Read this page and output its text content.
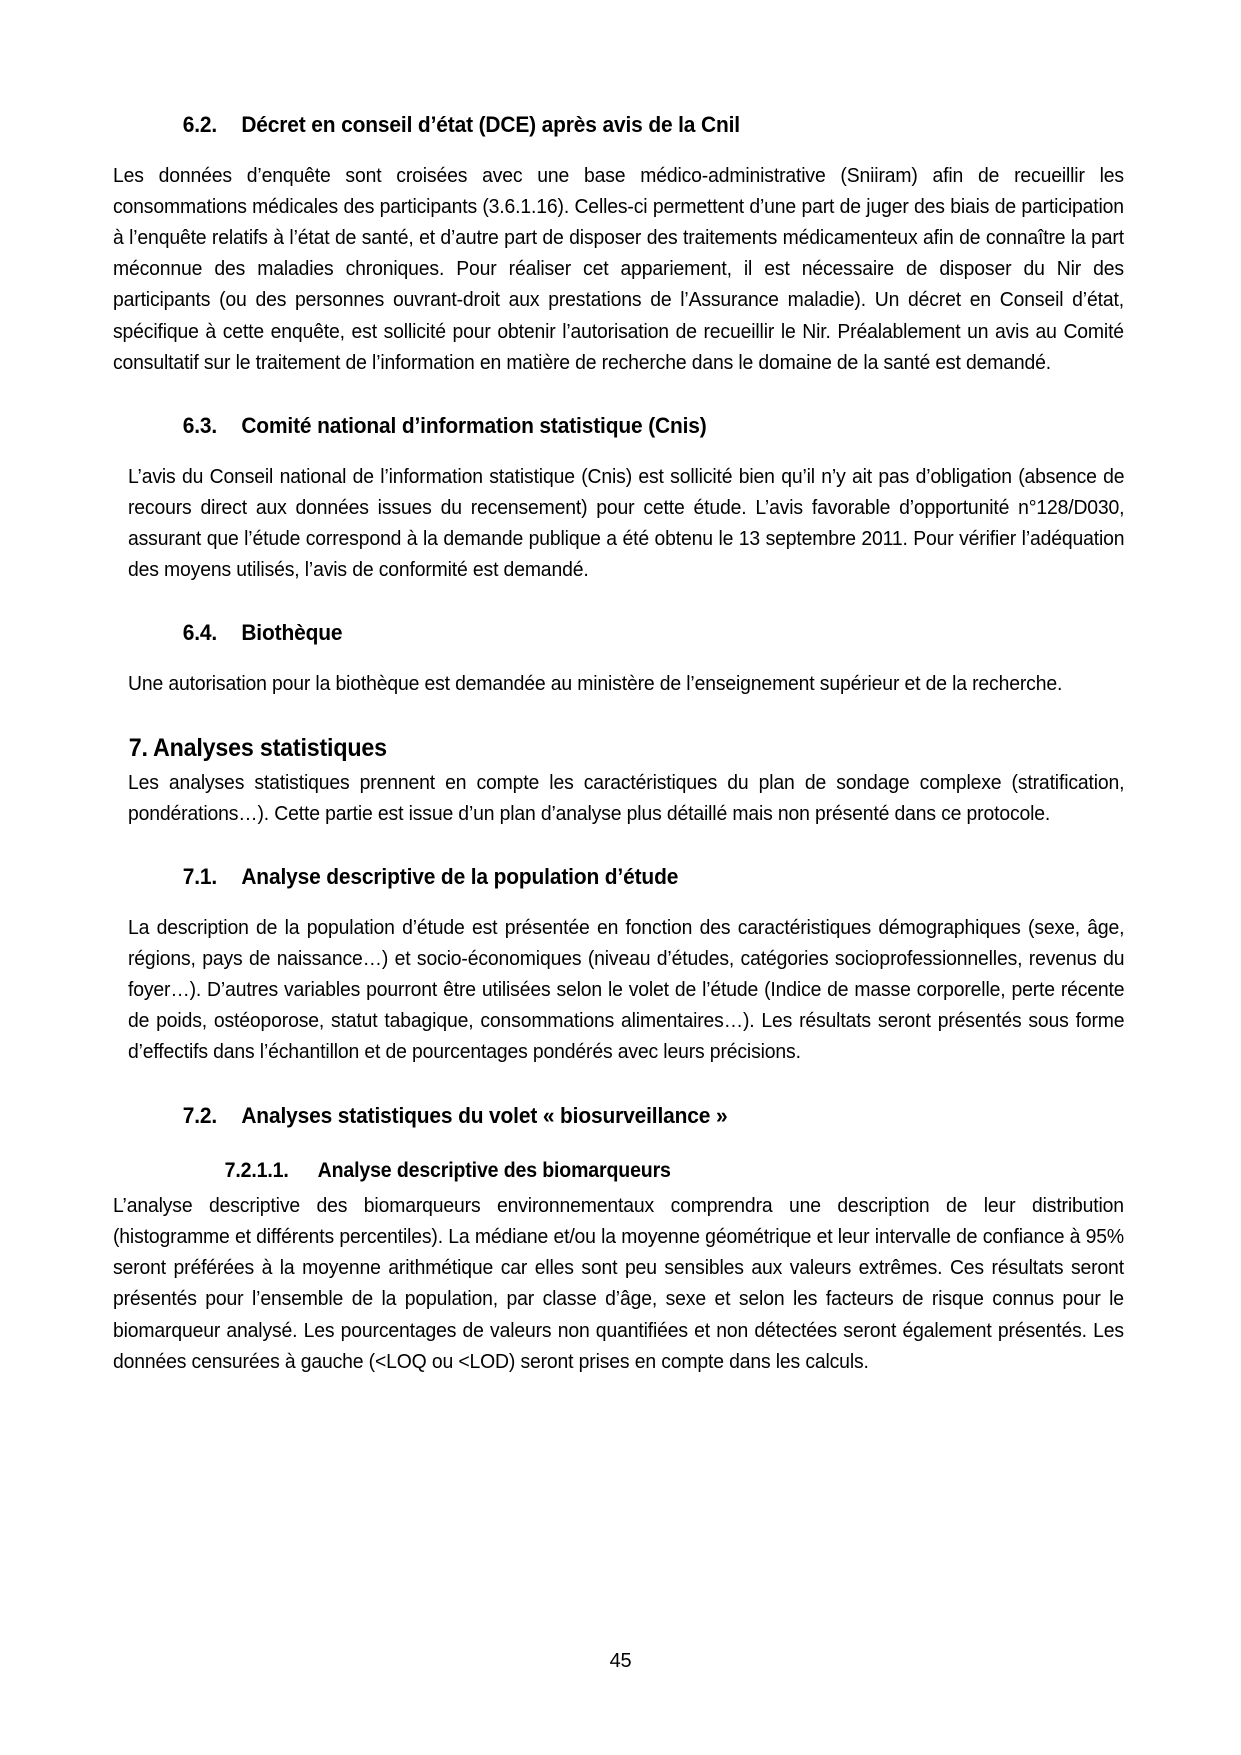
6.2. Décret en conseil d’état (DCE) après avis de la Cnil

Les données d’enquête sont croisées avec une base médico-administrative (Sniiram) afin de recueillir les consommations médicales des participants (3.6.1.16). Celles-ci permettent d’une part de juger des biais de participation à l’enquête relatifs à l’état de santé, et d’autre part de disposer des traitements médicamenteux afin de connaître la part méconnue des maladies chroniques. Pour réaliser cet appariement, il est nécessaire de disposer du Nir des participants (ou des personnes ouvrant-droit aux prestations de l’Assurance maladie). Un décret en Conseil d’état, spécifique à cette enquête, est sollicité pour obtenir l’autorisation de recueillir le Nir. Préalablement un avis au Comité consultatif sur le traitement de l’information en matière de recherche dans le domaine de la santé est demandé.

6.3. Comité national d’information statistique (Cnis)

L’avis du Conseil national de l’information statistique (Cnis) est sollicité bien qu’il n’y ait pas d’obligation (absence de recours direct aux données issues du recensement) pour cette étude. L’avis favorable d’opportunité n°128/D030, assurant que l’étude correspond à la demande publique a été obtenu le 13 septembre 2011. Pour vérifier l’adéquation des moyens utilisés, l’avis de conformité est demandé.

6.4. Biothèque

Une autorisation pour la biothèque est demandée au ministère de l’enseignement supérieur et de la recherche.

7. Analyses statistiques

Les analyses statistiques prennent en compte les caractéristiques du plan de sondage complexe (stratification, pondérations…). Cette partie est issue d’un plan d’analyse plus détaillé mais non présenté dans ce protocole.

7.1. Analyse descriptive de la population d’étude

La description de la population d’étude est présentée en fonction des caractéristiques démographiques (sexe, âge, régions, pays de naissance…) et socio-économiques (niveau d’études, catégories socioprofessionnelles, revenus du foyer…). D’autres variables pourront être utilisées selon le volet de l’étude (Indice de masse corporelle, perte récente de poids, ostéoporose, statut tabagique, consommations alimentaires…). Les résultats seront présentés sous forme d’effectifs dans l’échantillon et de pourcentages pondérés avec leurs précisions.

7.2. Analyses statistiques du volet « biosurveillance »
7.2.1.1. Analyse descriptive des biomarqueurs

L’analyse descriptive des biomarqueurs environnementaux comprendra une description de leur distribution (histogramme et différents percentiles). La médiane et/ou la moyenne géométrique et leur intervalle de confiance à 95% seront préférées à la moyenne arithmétique car elles sont peu sensibles aux valeurs extrêmes. Ces résultats seront présentés pour l’ensemble de la population, par classe d’âge, sexe et selon les facteurs de risque connus pour le biomarqueur analysé. Les pourcentages de valeurs non quantifiées et non détectées seront également présentés. Les données censurées à gauche (<LOQ ou <LOD) seront prises en compte dans les calculs.

45
